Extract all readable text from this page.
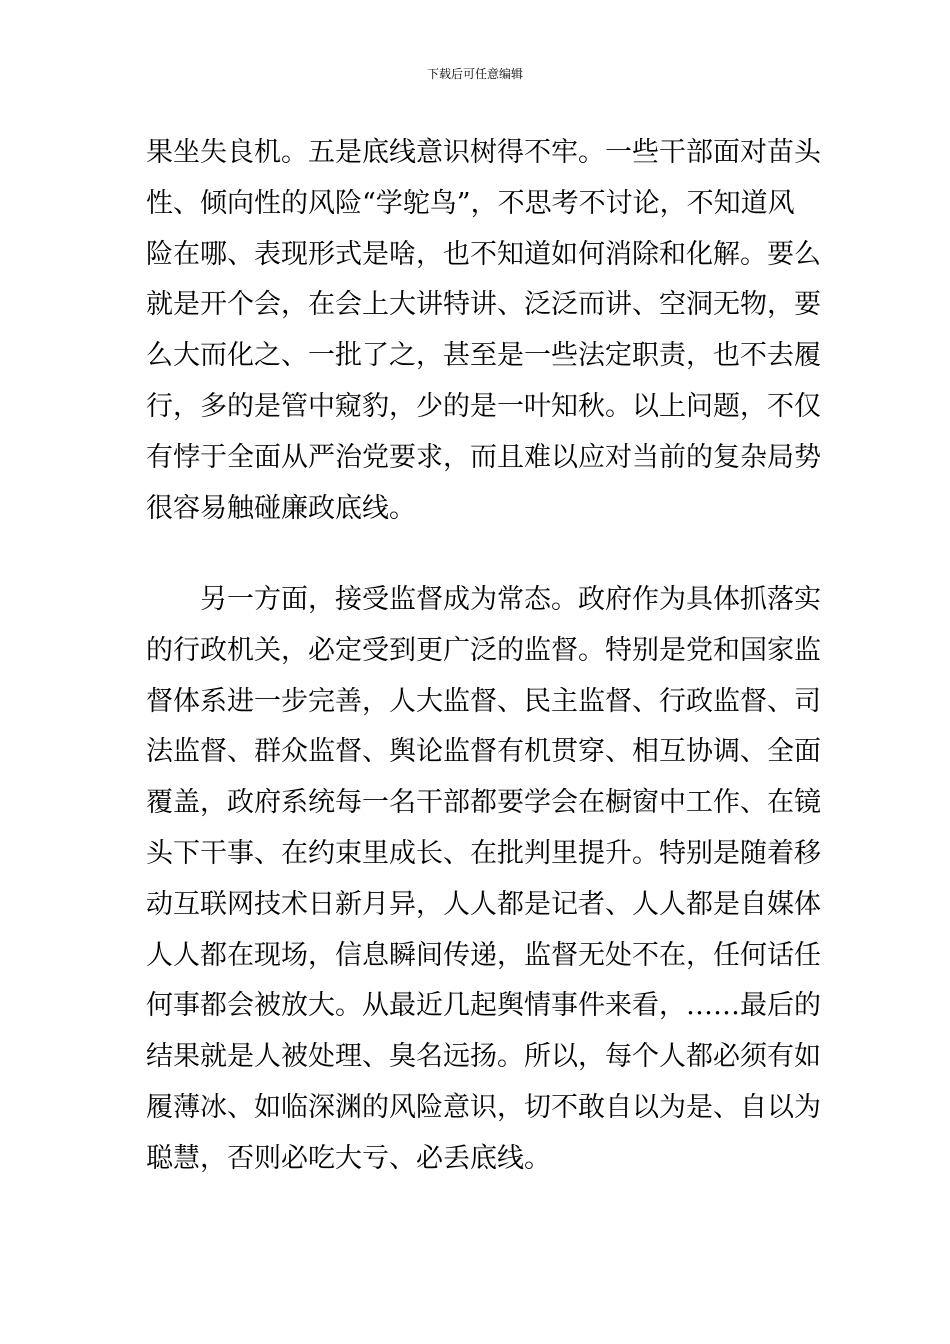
下载后可任意编辑
果坐失良机。五是底线意识树得不牢。一些干部面对苗头
性、倾向性的风险“学鸵鸟”，不思考不讨论，不知道风
险在哪、表现形式是啥，也不知道如何消除和化解。要么
就是开个会，在会上大讲特讲、泛泛而讲、空洞无物，要
么大而化之、一批了之，甚至是一些法定职责，也不去履
行，多的是管中窥豹，少的是一叶知秋。以上问题，不仅
有悖于全面从严治党要求，而且难以应对当前的复杂局势
很容易触碰廉政底线。
　　另一方面，接受监督成为常态。政府作为具体抓落实
的行政机关，必定受到更广泛的监督。特别是党和国家监
督体系进一步完善，人大监督、民主监督、行政监督、司
法监督、群众监督、舆论监督有机贯穿、相互协调、全面
覆盖，政府系统每一名干部都要学会在橱窗中工作、在镜
头下干事、在约束里成长、在批判里提升。特别是随着移
动互联网技术日新月异，人人都是记者、人人都是自媒体
人人都在现场，信息瞬间传递，监督无处不在，任何话任
何事都会被放大。从最近几起舆情事件来看，……最后的
结果就是人被处理、臭名远扬。所以，每个人都必须有如
履薄冰、如临深渊的风险意识，切不敢自以为是、自以为
聪慧，否则必吃大亏、必丢底线。
